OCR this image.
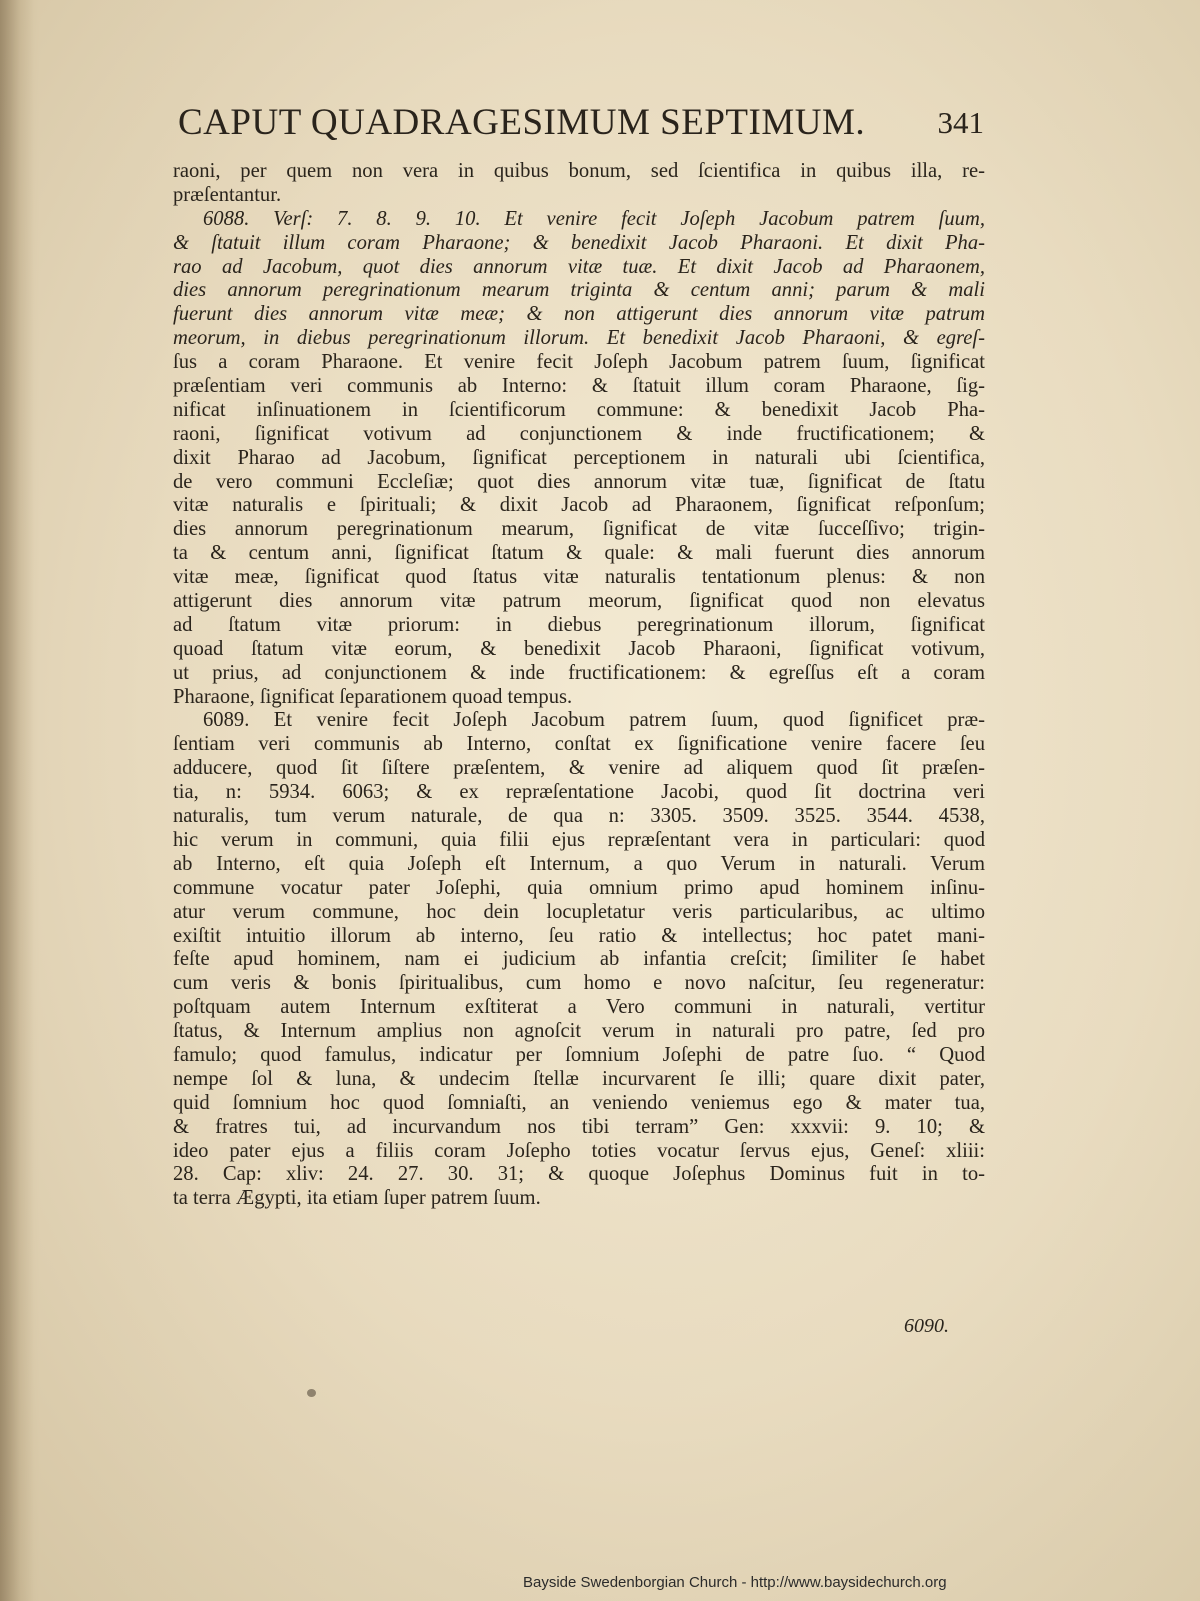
CAPUT QUADRAGESIMUM SEPTIMUM. 341
raoni, per quem non vera in quibus bonum, sed ſcientifica in quibus illa, re-
præſentantur.
6088. Verſ: 7. 8. 9. 10. Et venire fecit Joſeph Jacobum patrem ſuum,
& ſtatuit illum coram Pharaone; & benedixit Jacob Pharaoni. Et dixit Pha-
rao ad Jacobum, quot dies annorum vitæ tuæ. Et dixit Jacob ad Pharaonem,
dies annorum peregrinationum mearum triginta & centum anni; parum & mali
fuerunt dies annorum vitæ meæ; & non attigerunt dies annorum vitæ patrum
meorum, in diebus peregrinationum illorum. Et benedixit Jacob Pharaoni, & egreſ-
ſus a coram Pharaone. Et venire fecit Joſeph Jacobum patrem ſuum, ſignificat
præſentiam veri communis ab Interno: & ſtatuit illum coram Pharaone, ſig-
nificat inſinuationem in ſcientificorum commune: & benedixit Jacob Pha-
raoni, ſignificat votivum ad conjunctionem & inde fructificationem; &
dixit Pharao ad Jacobum, ſignificat perceptionem in naturali ubi ſcientifica,
de vero communi Eccleſiæ; quot dies annorum vitæ tuæ, ſignificat de ſtatu
vitæ naturalis e ſpirituali; & dixit Jacob ad Pharaonem, ſignificat reſponſum;
dies annorum peregrinationum mearum, ſignificat de vitæ ſucceſſivo; trigin-
ta & centum anni, ſignificat ſtatum & quale: & mali fuerunt dies annorum
vitæ meæ, ſignificat quod ſtatus vitæ naturalis tentationum plenus: & non
attigerunt dies annorum vitæ patrum meorum, ſignificat quod non elevatus
ad ſtatum vitæ priorum: in diebus peregrinationum illorum, ſignificat
quoad ſtatum vitæ eorum, & benedixit Jacob Pharaoni, ſignificat votivum,
ut prius, ad conjunctionem & inde fructificationem: & egreſſus eſt a coram
Pharaone, ſignificat ſeparationem quoad tempus.
6089. Et venire fecit Joſeph Jacobum patrem ſuum, quod ſignificet præ-
ſentiam veri communis ab Interno, conſtat ex ſignificatione venire facere ſeu
adducere, quod ſit ſiſtere præſentem, & venire ad aliquem quod ſit præſen-
tia, n: 5934. 6063; & ex repræſentatione Jacobi, quod ſit doctrina veri
naturalis, tum verum naturale, de qua n: 3305. 3509. 3525. 3544. 4538,
hic verum in communi, quia filii ejus repræſentant vera in particulari: quod
ab Interno, eſt quia Joſeph eſt Internum, a quo Verum in naturali. Verum
commune vocatur pater Joſephi, quia omnium primo apud hominem inſinu-
atur verum commune, hoc dein locupletatur veris particularibus, ac ultimo
exiſtit intuitio illorum ab interno, ſeu ratio & intellectus; hoc patet mani-
feſte apud hominem, nam ei judicium ab infantia creſcit; ſimiliter ſe habet
cum veris & bonis ſpiritualibus, cum homo e novo naſcitur, ſeu regeneratur:
poſtquam autem Internum exſtiterat a Vero communi in naturali, vertitur
ſtatus, & Internum amplius non agnoſcit verum in naturali pro patre, ſed pro
famulo; quod famulus, indicatur per ſomnium Joſephi de patre ſuo. “ Quod
nempe ſol & luna, & undecim ſtellæ incurvarent ſe illi; quare dixit pater,
quid ſomnium hoc quod ſomniaſti, an veniendo veniemus ego & mater tua,
& fratres tui, ad incurvandum nos tibi terram” Gen: xxxvii: 9. 10; &
ideo pater ejus a filiis coram Joſepho toties vocatur ſervus ejus, Geneſ: xliii:
28. Cap: xliv: 24. 27. 30. 31; & quoque Joſephus Dominus fuit in to-
ta terra Ægypti, ita etiam ſuper patrem ſuum.
6090.
Bayside Swedenborgian Church - http://www.baysidechurch.org
